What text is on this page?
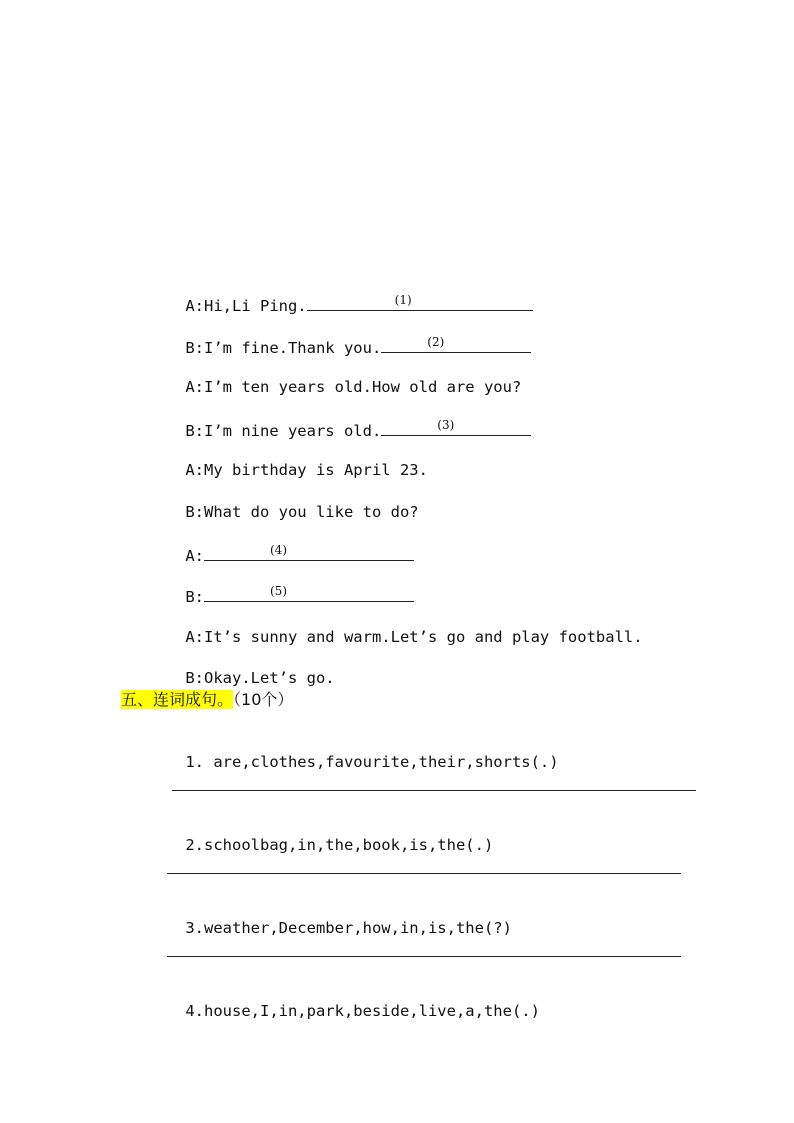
A:Hi,Li Ping.	(1)

B:I’m fine.Thank you.	(2)

A:I’m ten years old.How old are you?

B:I’m nine years old.	(3)

A:My birthday is April 23.

B:What do you like to do?

A:	(4)

B:	(5)

A:It’s sunny and warm.Let’s go and play football.

B:Okay.Let’s go.

五、连词成句。（10个）

1. are,clothes,favourite,their,shorts(.)

2.schoolbag,in,the,book,is,the(.)

3.weather,December,how,in,is,the(?)

4.house,I,in,park,beside,live,a,the(.)
